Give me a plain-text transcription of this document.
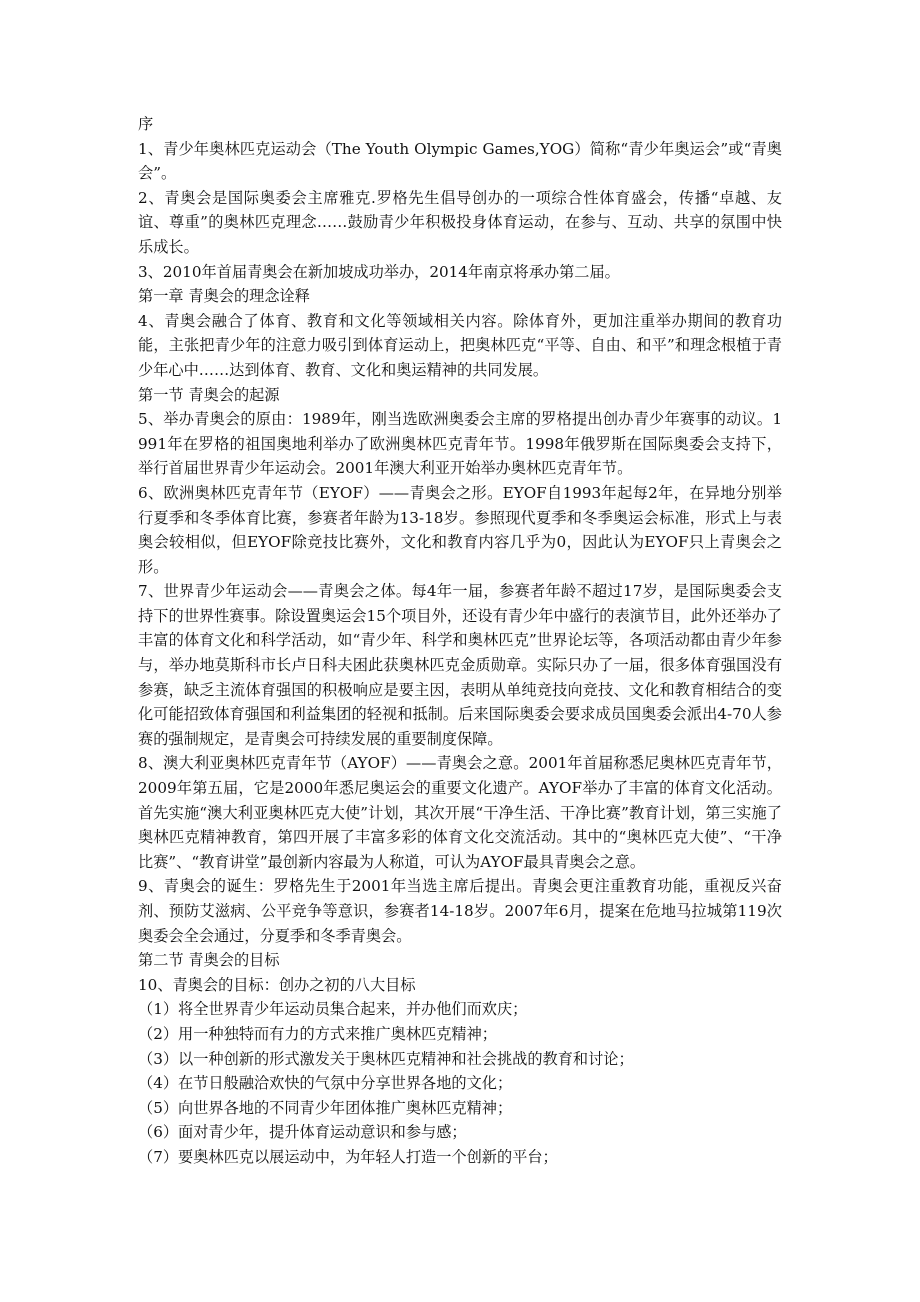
序

1、青少年奥林匹克运动会（The Youth Olympic Games,YOG）简称“青少年奥运会”或“青奥会”。

2、青奥会是国际奥委会主席雅克.罗格先生倡导创办的一项综合性体育盛会，传播“卓越、友谊、尊重”的奥林匹克理念……鼓励青少年积极投身体育运动，在参与、互动、共享的氛围中快乐成长。

3、2010年首届青奥会在新加坡成功举办，2014年南京将承办第二届。

第一章 青奥会的理念诠释

4、青奥会融合了体育、教育和文化等领域相关内容。除体育外，更加注重举办期间的教育功能，主张把青少年的注意力吸引到体育运动上，把奥林匹克“平等、自由、和平”和理念根植于青少年心中……达到体育、教育、文化和奥运精神的共同发展。

第一节 青奥会的起源

5、举办青奥会的原由：1989年，刚当选欧洲奥委会主席的罗格提出创办青少年赛事的动议。1991年在罗格的祖国奥地利举办了欧洲奥林匹克青年节。1998年俄罗斯在国际奥委会支持下，举行首届世界青少年运动会。2001年澳大利亚开始举办奥林匹克青年节。

6、欧洲奥林匹克青年节（EYOF）——青奥会之形。EYOF自1993年起每2年，在异地分别举行夏季和冬季体育比赛，参赛者年龄为13-18岁。参照现代夏季和冬季奥运会标准，形式上与表奥会较相似，但EYOF除竞技比赛外，文化和教育内容几乎为0，因此认为EYOF只上青奥会之形。

7、世界青少年运动会——青奥会之体。每4年一届，参赛者年龄不超过17岁，是国际奥委会支持下的世界性赛事。除设置奥运会15个项目外，还设有青少年中盛行的表演节目，此外还举办了丰富的体育文化和科学活动，如“青少年、科学和奥林匹克”世界论坛等，各项活动都由青少年参与，举办地莫斯科市长卢日科夫困此获奥林匹克金质勋章。实际只办了一届，很多体育强国没有参赛，缺乏主流体育强国的积极响应是要主因，表明从单纯竞技向竞技、文化和教育相结合的变化可能招致体育强国和利益集团的轻视和抵制。后来国际奥委会要求成员国奥委会派出4-70人参赛的强制规定，是青奥会可持续发展的重要制度保障。

8、澳大利亚奥林匹克青年节（AYOF）——青奥会之意。2001年首届称悉尼奥林匹克青年节，2009年第五届，它是2000年悉尼奥运会的重要文化遗产。AYOF举办了丰富的体育文化活动。首先实施“澳大利亚奥林匹克大使”计划，其次开展“干净生活、干净比赛”教育计划，第三实施了奥林匹克精神教育，第四开展了丰富多彩的体育文化交流活动。其中的“奥林匹克大使”、“干净比赛”、“教育讲堂”最创新内容最为人称道，可认为AYOF最具青奥会之意。

9、青奥会的诞生：罗格先生于2001年当选主席后提出。青奥会更注重教育功能，重视反兴奋剂、预防艾滋病、公平竞争等意识，参赛者14-18岁。2007年6月，提案在危地马拉城第119次奥委会全会通过，分夏季和冬季青奥会。

第二节 青奥会的目标

10、青奥会的目标：创办之初的八大目标

（1）将全世界青少年运动员集合起来，并办他们而欢庆；

（2）用一种独特而有力的方式来推广奥林匹克精神；

（3）以一种创新的形式激发关于奥林匹克精神和社会挑战的教育和讨论；

（4）在节日般融洽欢快的气氛中分享世界各地的文化；

（5）向世界各地的不同青少年团体推广奥林匹克精神；

（6）面对青少年，提升体育运动意识和参与感；

（7）要奥林匹克以展运动中，为年轻人打造一个创新的平台；
